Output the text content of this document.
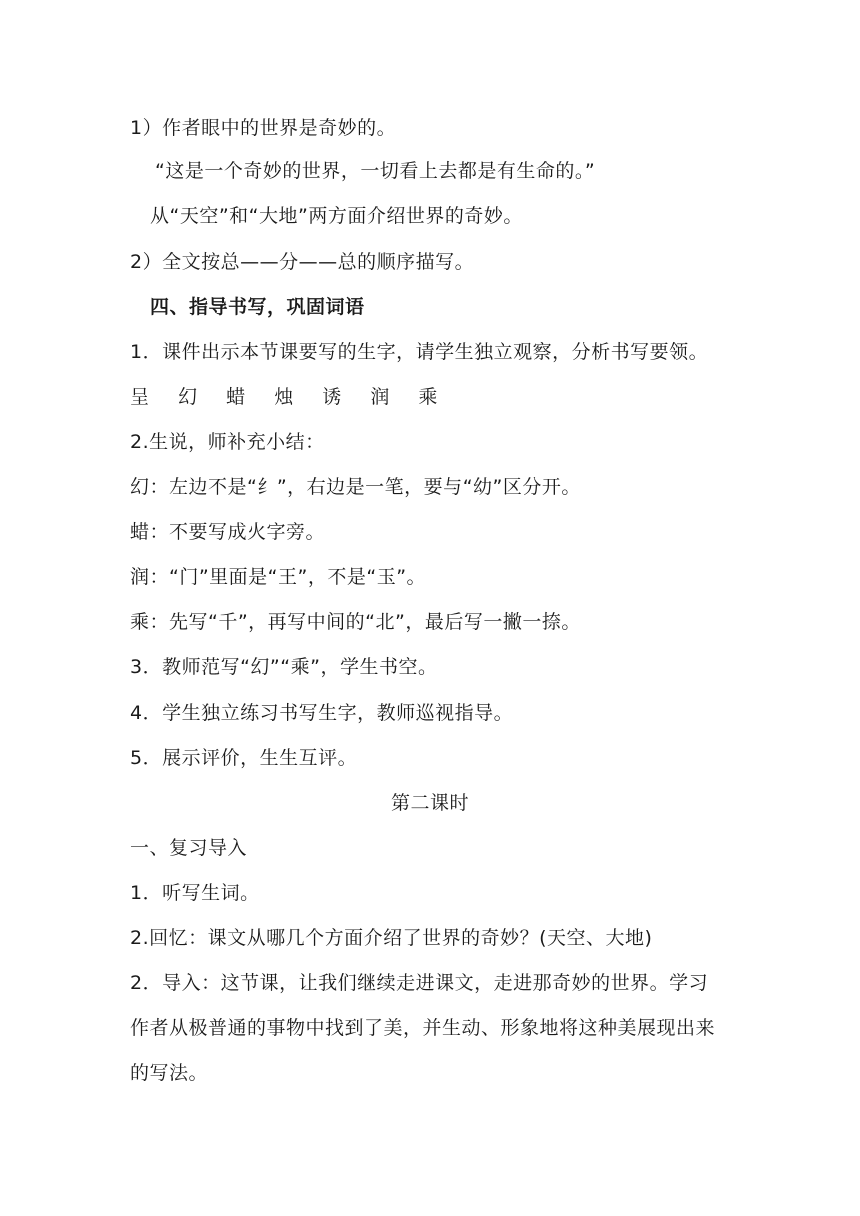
1）作者眼中的世界是奇妙的。
“这是一个奇妙的世界，一切看上去都是有生命的。”
从“天空”和“大地”两方面介绍世界的奇妙。
2）全文按总——分——总的顺序描写。
四、指导书写，巩固词语
1．课件出示本节课要写的生字，请学生独立观察，分析书写要领。
呈 幻 蜡 烛 诱 润 乘
2.生说，师补充小结：
幻：左边不是“纟”，右边是一笔，要与“幼”区分开。
蜡：不要写成火字旁。
润：“门”里面是“王”，不是“玉”。
乘：先写“千”，再写中间的“北”，最后写一撇一捺。
3．教师范写“幻”“乘”，学生书空。
4．学生独立练习书写生字，教师巡视指导。
5．展示评价，生生互评。
第二课时
一、复习导入
1．听写生词。
2.回忆：课文从哪几个方面介绍了世界的奇妙？(天空、大地)
2．导入：这节课，让我们继续走进课文，走进那奇妙的世界。学习
作者从极普通的事物中找到了美，并生动、形象地将这种美展现出来
的写法。
